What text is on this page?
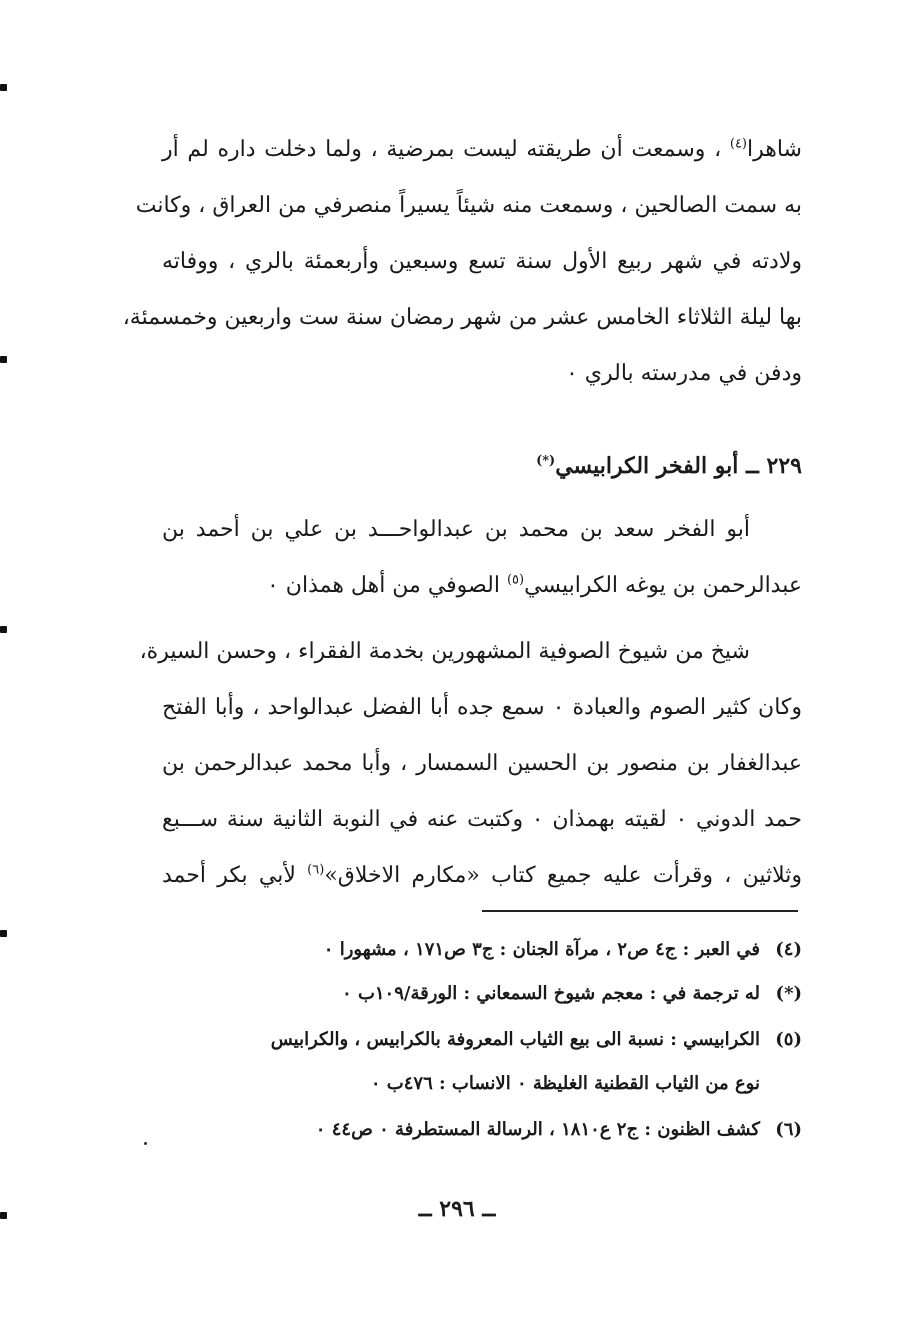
شاهرا$^{(٤)}$ ، وسمعت أن طريقته ليست بمرضية ، ولما دخلت داره لم أر
به سمت الصالحين ، وسمعت منه شيئاً يسيراً منصرفي من العراق ، وكانت
ولادته في شهر ربيع الأول سنة تسع وسبعين وأربعمئة بالري ، ووفاته
بها ليلة الثلاثاء الخامس عشر من شهر رمضان سنة ست واربعين وخمسمئة،
ودفن في مدرسته بالري ٠
٢٢٩ ــ أبو الفخر الكرابيسي(*)
أبو الفخر سعد بن محمد بن عبدالواحـــد بن علي بن أحمد بن
عبدالرحمن بن يوغه الكرابيسي$^{(٥)}$ الصوفي من أهل همذان ٠
شيخ من شيوخ الصوفية المشهورين بخدمة الفقراء ، وحسن السيرة،
وكان كثير الصوم والعبادة ٠ سمع جده أبا الفضل عبدالواحد ، وأبا الفتح
عبدالغفار بن منصور بن الحسين السمسار ، وأبا محمد عبدالرحمن بن
حمد الدوني ٠ لقيته بهمذان ٠ وكتبت عنه في النوبة الثانية سنة ســـبع
وثلاثين ، وقرأت عليه جميع كتاب «مكارم الاخلاق»$^{(٦)}$ لأبي بكر أحمد
(٤)في العبر : ج٤ ص٢ ، مرآة الجنان : ج٣ ص١٧١ ، مشهورا ٠
(*)له ترجمة في : معجم شيوخ السمعاني : الورقة/١٠٩ب ٠
(٥)الكرابيسي : نسبة الى بيع الثياب المعروفة بالكرابيس ، والكرابيس
نوع من الثياب القطنية الغليظة ٠ الانساب : ٤٧٦ب ٠
(٦)كشف الظنون : ج٢ ع١٨١٠ ، الرسالة المستطرفة ٠ ص٤٤ ٠
ــ ٢٩٦ ــ
